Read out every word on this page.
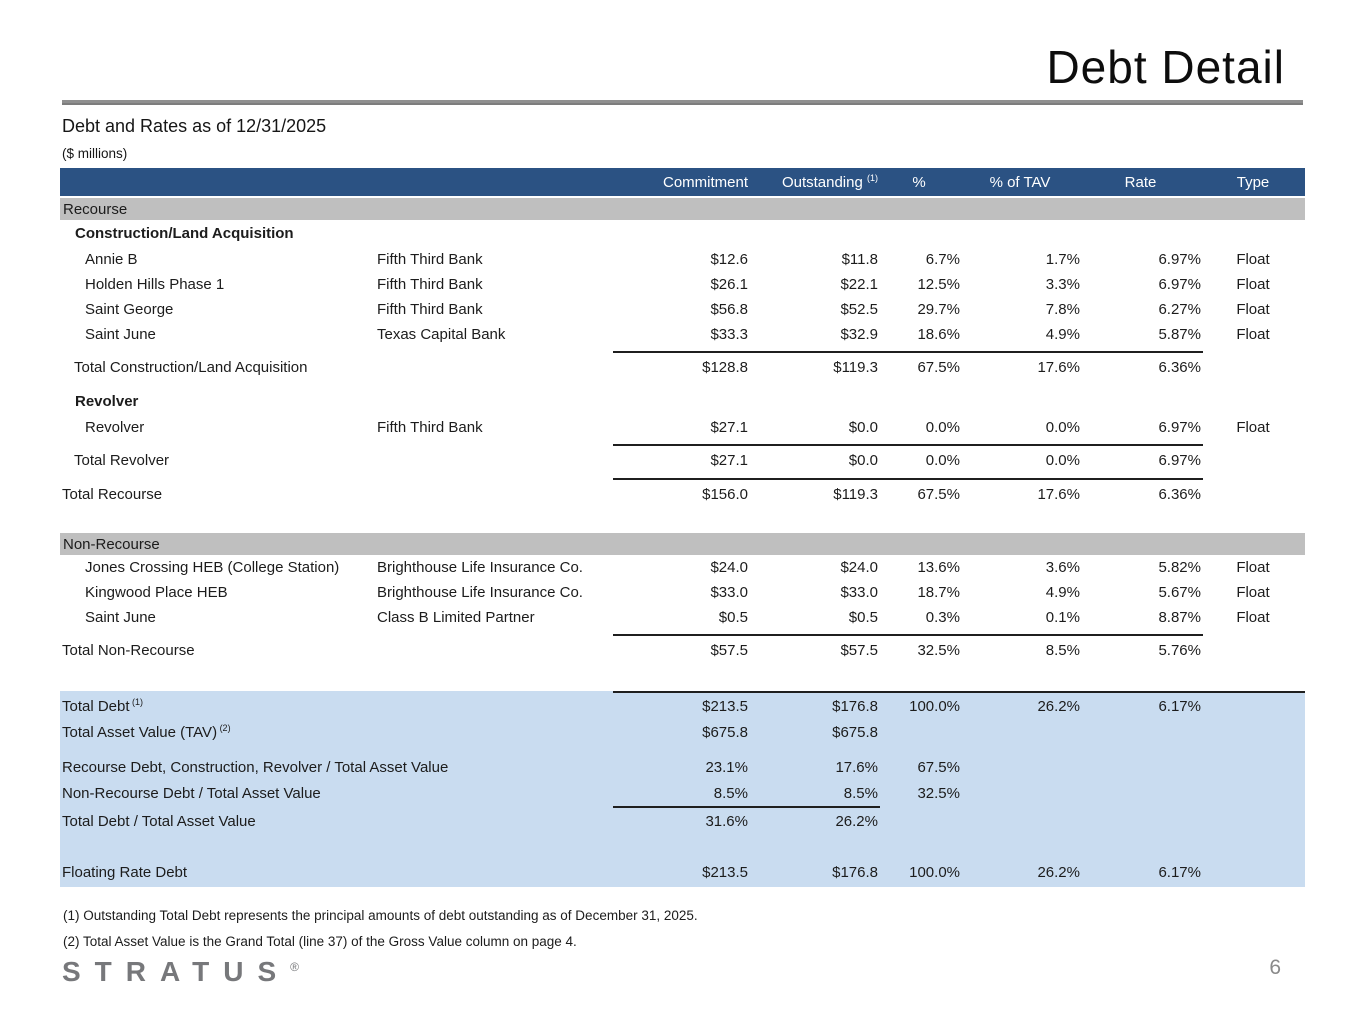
Debt Detail
Debt and Rates as of 12/31/2025
($ millions)
Commitment	Outstanding $^{(1)}$	%	% of TAV	Rate	Type
Recourse
Construction/Land Acquisition
Annie B	Fifth Third Bank	$12.6	$11.8	6.7%	1.7%	6.97%	Float
Holden Hills Phase 1	Fifth Third Bank	$26.1	$22.1	12.5%	3.3%	6.97%	Float
Saint George	Fifth Third Bank	$56.8	$52.5	29.7%	7.8%	6.27%	Float
Saint June	Texas Capital Bank	$33.3	$32.9	18.6%	4.9%	5.87%	Float
Total Construction/Land Acquisition	$128.8	$119.3	67.5%	17.6%	6.36%
Revolver
Revolver	Fifth Third Bank	$27.1	$0.0	0.0%	0.0%	6.97%	Float
Total Revolver	$27.1	$0.0	0.0%	0.0%	6.97%
Total Recourse	$156.0	$119.3	67.5%	17.6%	6.36%
Non-Recourse
Jones Crossing HEB (College Station)	Brighthouse Life Insurance Co.	$24.0	$24.0	13.6%	3.6%	5.82%	Float
Kingwood Place HEB	Brighthouse Life Insurance Co.	$33.0	$33.0	18.7%	4.9%	5.67%	Float
Saint June	Class B Limited Partner	$0.5	$0.5	0.3%	0.1%	8.87%	Float
Total Non-Recourse	$57.5	$57.5	32.5%	8.5%	5.76%
Total Debt $^{(1)}$	$213.5	$176.8	100.0%	26.2%	6.17%
Total Asset Value (TAV) $^{(2)}$	$675.8	$675.8
Recourse Debt, Construction, Revolver / Total Asset Value	23.1%	17.6%	67.5%
Non-Recourse Debt / Total Asset Value	8.5%	8.5%	32.5%
Total Debt / Total Asset Value	31.6%	26.2%
Floating Rate Debt	$213.5	$176.8	100.0%	26.2%	6.17%
(1) Outstanding Total Debt represents the principal amounts of debt outstanding as of December 31, 2025.
(2) Total Asset Value is the Grand Total (line 37) of the Gross Value column on page 4.
STRATUS®	6
